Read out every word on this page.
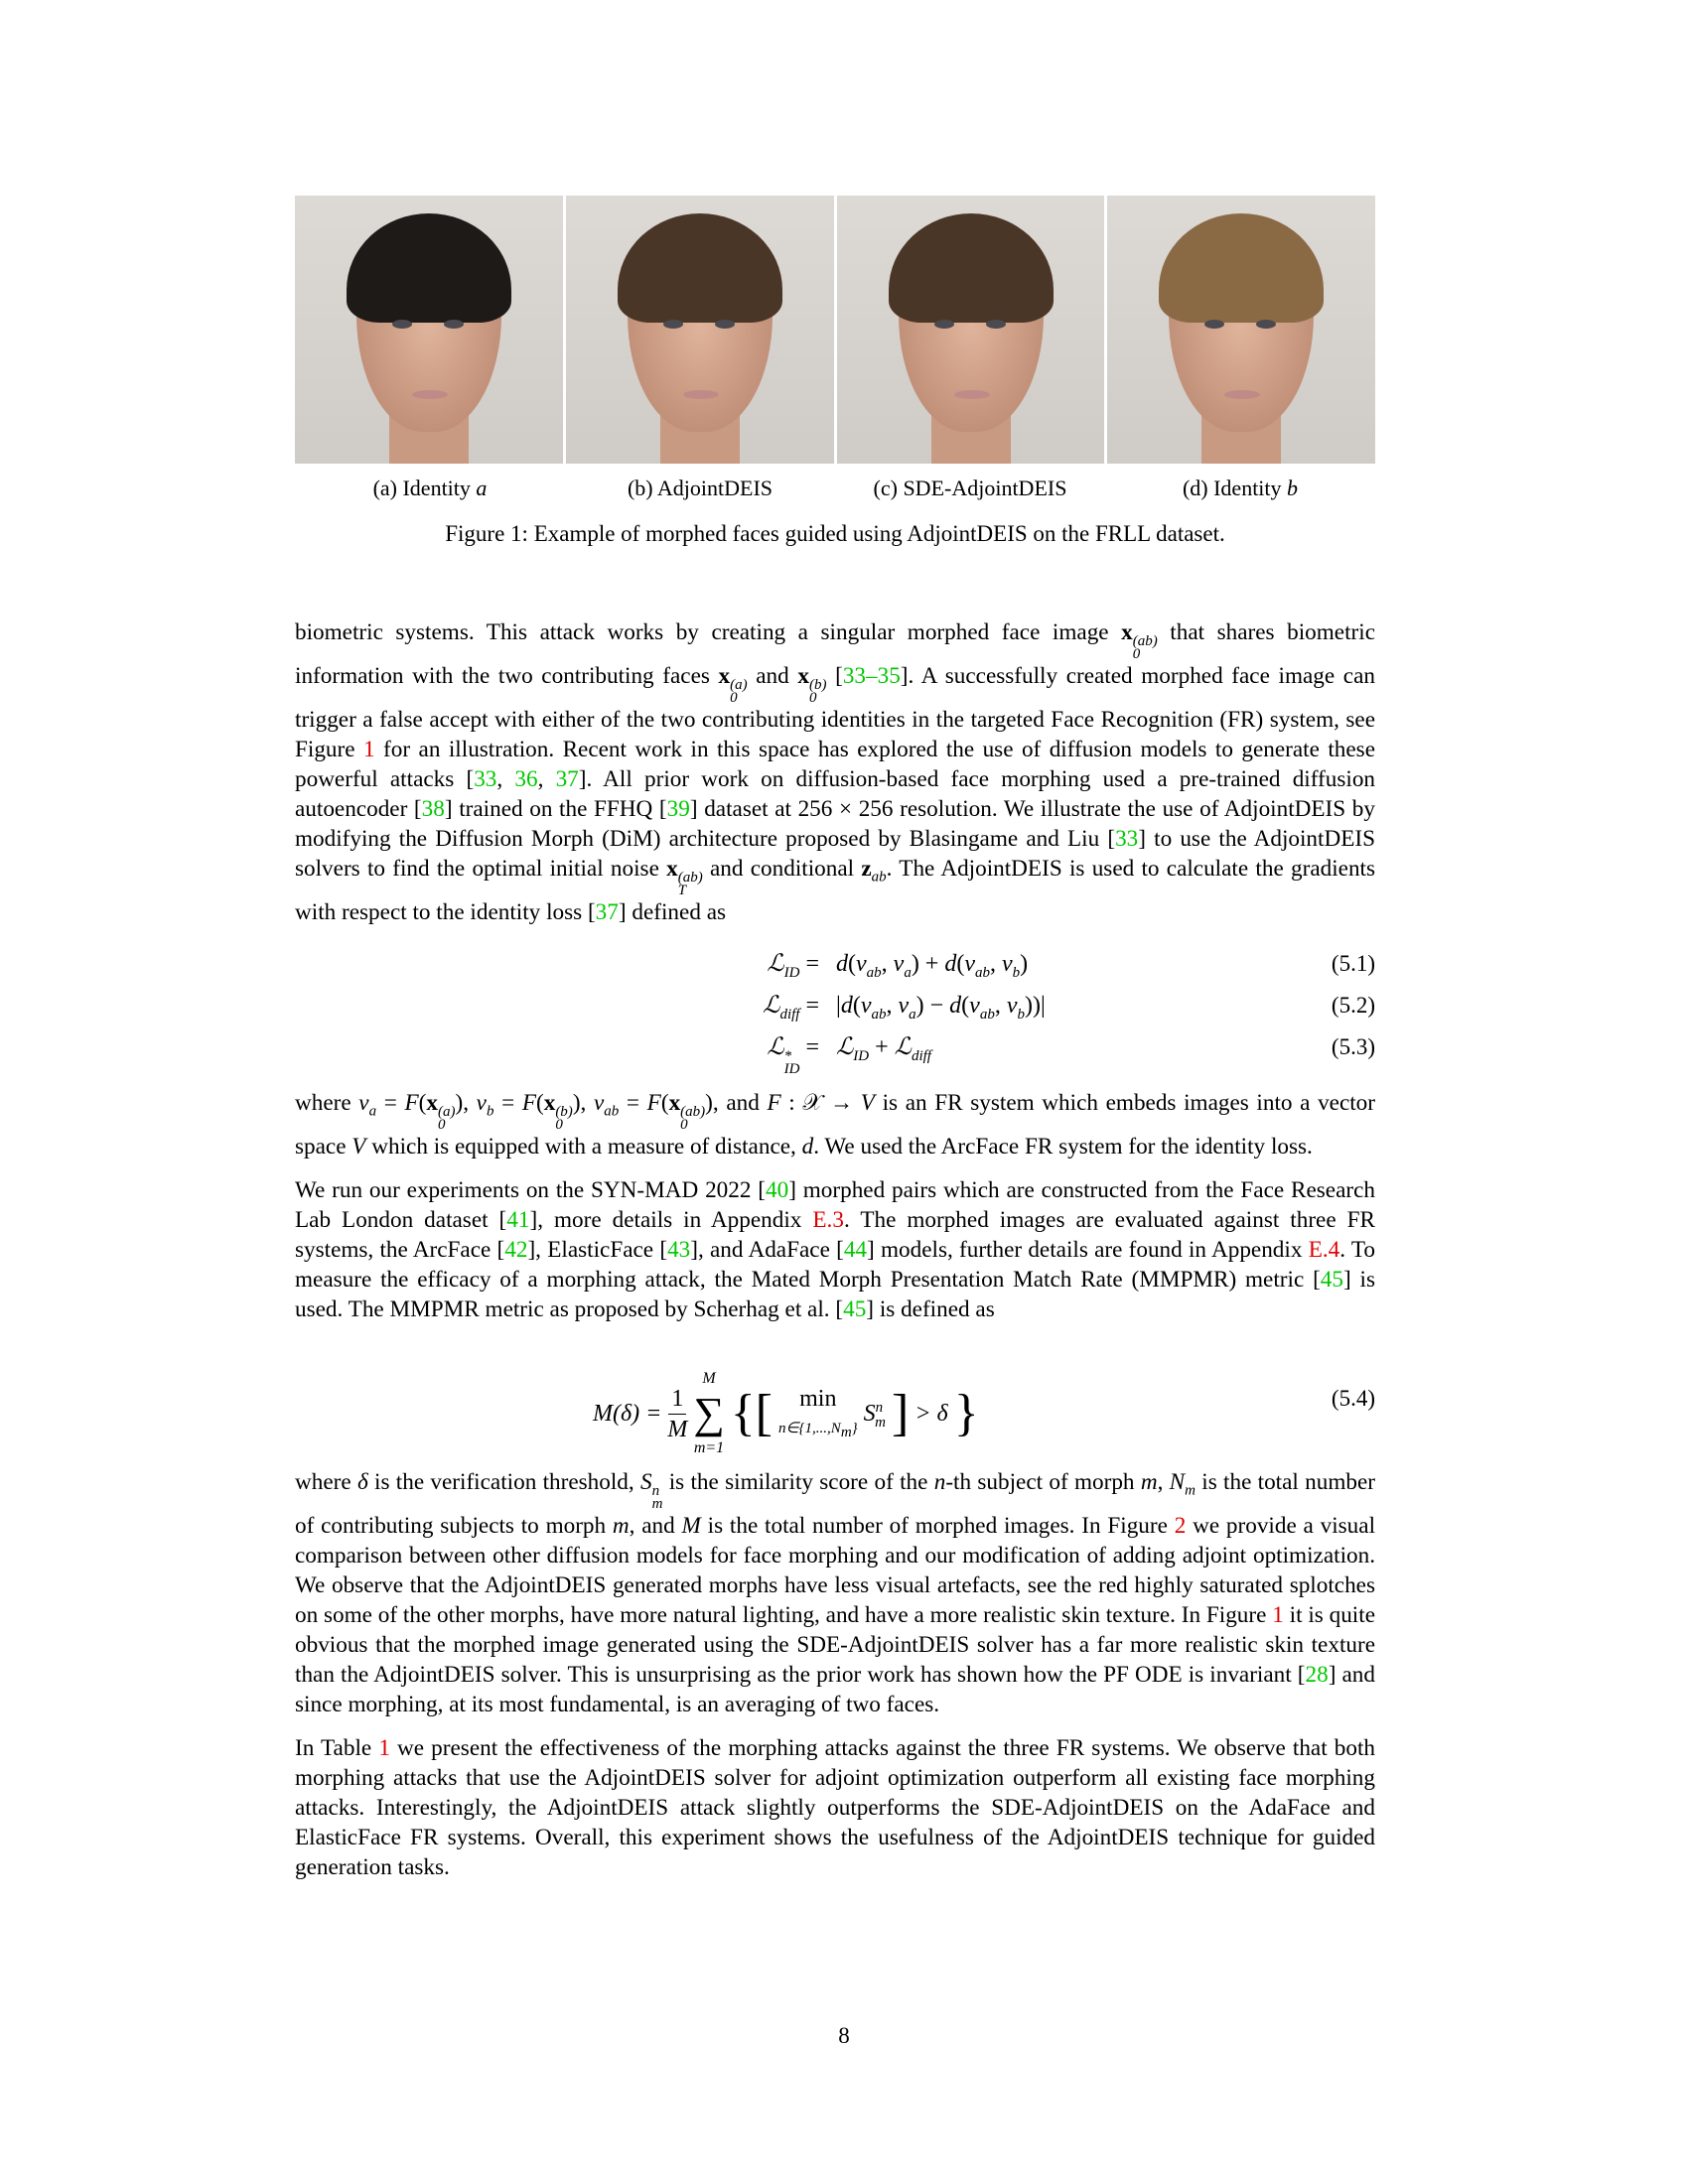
(a) Identity a	(b) AdjointDEIS	(c) SDE-AdjointDEIS	(d) Identity b
Figure 1: Example of morphed faces guided using AdjointDEIS on the FRLL dataset.

biometric systems. This attack works by creating a singular morphed face image x (ab)
0
that shares biometric information with the two contributing faces x (a)
0
and x (b)
0
[33–35]. A successfully created morphed face image can trigger a false accept with either of the two contributing identities in the targeted Face Recognition (FR) system, see Figure 1 for an illustration. Recent work in this space has explored the use of diffusion models to generate these powerful attacks [33, 36, 37]. All prior work on diffusion-based face morphing used a pre-trained diffusion autoencoder [38] trained on the FFHQ [39] dataset at 256 × 256 resolution. We illustrate the use of AdjointDEIS by modifying the Diffusion Morph (DiM) architecture proposed by Blasingame and Liu [33] to use the AdjointDEIS solvers to find the optimal initial noise x (ab)
T
and conditional $z_{ab}$. The AdjointDEIS is used to calculate the gradients with respect to the identity loss [37] defined as

ℒ$_{ID}$ = $d(v_{ab}$, $v_a) + d(v_{ab}$, $v_b$)	(5.1)
ℒ$_{diff}$ = $|d(v_{ab}$, $v_a) - d(v_{ab}$, $v_b))|$	(5.2)
ℒ *
ID
= ℒ$_{ID}$ + ℒ$_{diff}$	(5.3)

where $v_a = F(x$ (a)
0
), $v_b = F(x$ (b)
0
), $v_{ab} = F(x$ (ab)
0
), and F : 𝒳 → V is an FR system which embeds images into a vector space V which is equipped with a measure of distance, d. We used the ArcFace FR system for the identity loss.

We run our experiments on the SYN-MAD 2022 [40] morphed pairs which are constructed from the Face Research Lab London dataset [41], more details in Appendix E.3. The morphed images are evaluated against three FR systems, the ArcFace [42], ElasticFace [43], and AdaFace [44] models, further details are found in Appendix E.4. To measure the efficacy of a morphing attack, the Mated Morph Presentation Match Rate (MMPMR) metric [45] is used. The MMPMR metric as proposed by Scherhag et al. [45] is defined as

$M(\delta) = \frac{1}{M}$
M
∑
m=1
{[ min
$n\in\{1,...,N_m\}$
$S^n_m$ ] > δ }	(5.4)

where δ is the verification threshold, S n
m
is the similarity score of the n-th subject of morph m, $N_m$ is the total number of contributing subjects to morph m, and M is the total number of morphed images. In Figure 2 we provide a visual comparison between other diffusion models for face morphing and our modification of adding adjoint optimization. We observe that the AdjointDEIS generated morphs have less visual artefacts, see the red highly saturated splotches on some of the other morphs, have more natural lighting, and have a more realistic skin texture. In Figure 1 it is quite obvious that the morphed image generated using the SDE-AdjointDEIS solver has a far more realistic skin texture than the AdjointDEIS solver. This is unsurprising as the prior work has shown how the PF ODE is invariant [28] and since morphing, at its most fundamental, is an averaging of two faces.

In Table 1 we present the effectiveness of the morphing attacks against the three FR systems. We observe that both morphing attacks that use the AdjointDEIS solver for adjoint optimization outperform all existing face morphing attacks. Interestingly, the AdjointDEIS attack slightly outperforms the SDE-AdjointDEIS on the AdaFace and ElasticFace FR systems. Overall, this experiment shows the usefulness of the AdjointDEIS technique for guided generation tasks.

8
